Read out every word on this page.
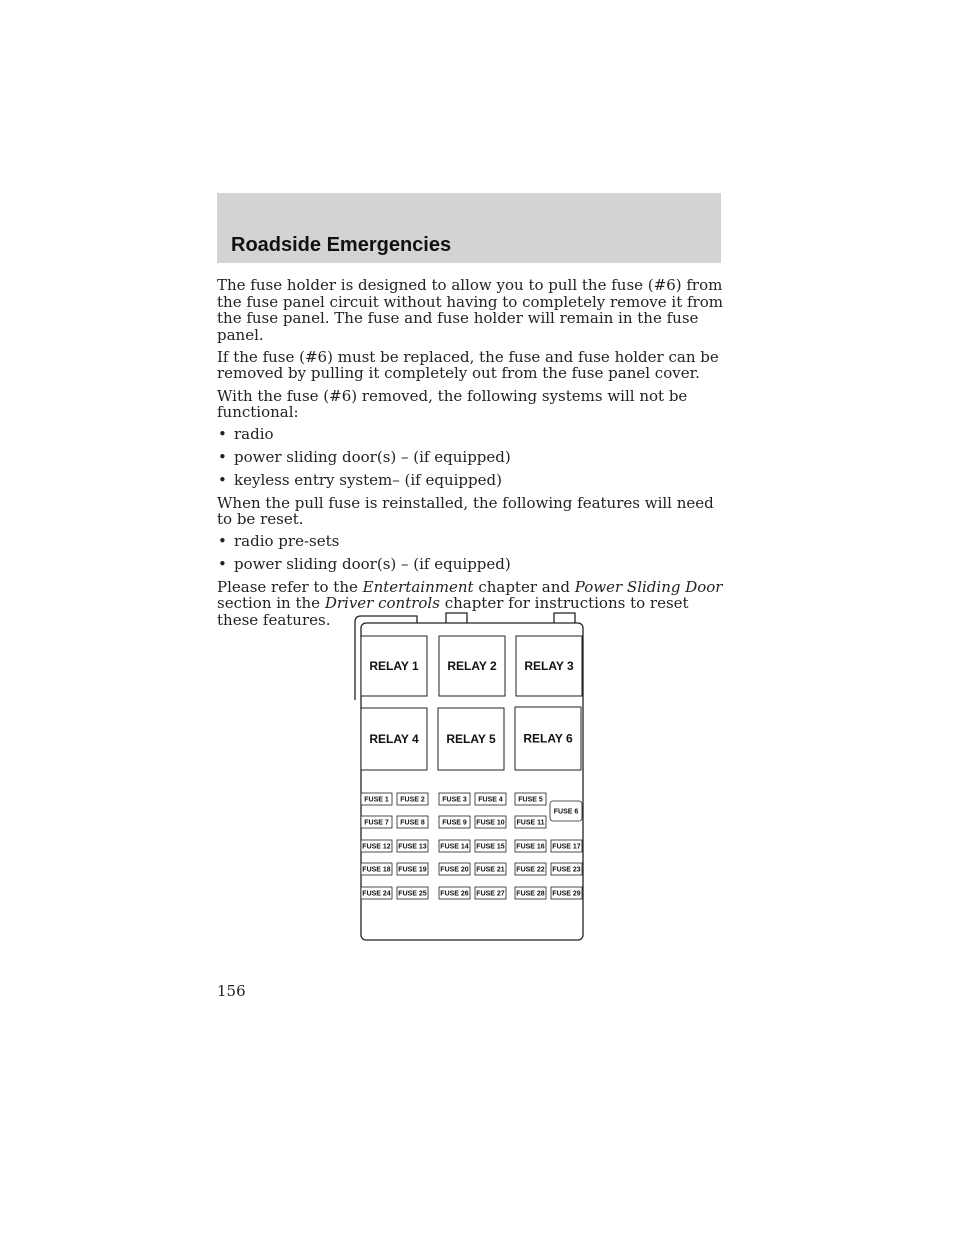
Roadside Emergencies

The fuse holder is designed to allow you to pull the fuse (#6) from the fuse panel circuit without having to completely remove it from the fuse panel. The fuse and fuse holder will remain in the fuse panel.

If the fuse (#6) must be replaced, the fuse and fuse holder can be removed by pulling it completely out from the fuse panel cover.

With the fuse (#6) removed, the following systems will not be functional:

• radio
• power sliding door(s) – (if equipped)
• keyless entry system– (if equipped)

When the pull fuse is reinstalled, the following features will need to be reset.

• radio pre-sets
• power sliding door(s) – (if equipped)

Please refer to the Entertainment chapter and Power Sliding Door section in the Driver controls chapter for instructions to reset these features.

RELAY 1 RELAY 2 RELAY 3
RELAY 4 RELAY 5 RELAY 6
FUSE 1 FUSE 2 FUSE 3 FUSE 4 FUSE 5
FUSE 6
FUSE 7 FUSE 8 FUSE 9 FUSE 10 FUSE 11
FUSE 12 FUSE 13 FUSE 14 FUSE 15 FUSE 16 FUSE 17
FUSE 18 FUSE 19 FUSE 20 FUSE 21 FUSE 22 FUSE 23
FUSE 24 FUSE 25 FUSE 26 FUSE 27 FUSE 28 FUSE 29
156
